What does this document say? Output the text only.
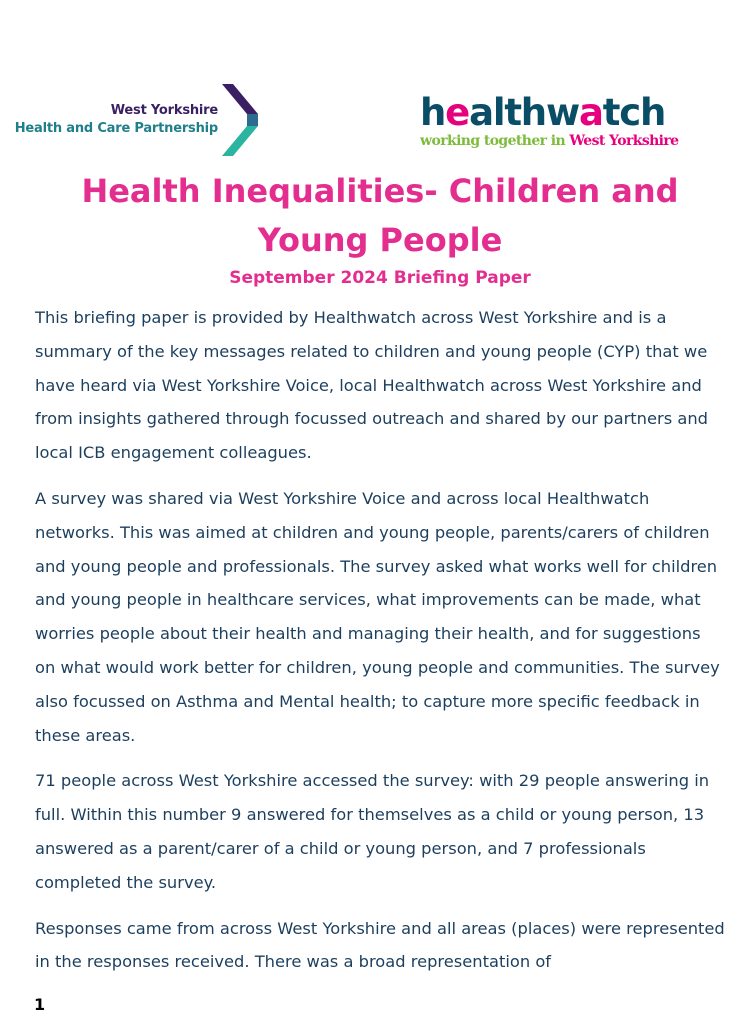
West Yorkshire
Health and Care Partnership	healthwatch
working together in West Yorkshire
Health Inequalities- Children and Young People
September 2024 Briefing Paper

This briefing paper is provided by Healthwatch across West Yorkshire and is a summary of the key messages related to children and young people (CYP) that we have heard via West Yorkshire Voice, local Healthwatch across West Yorkshire and from insights gathered through focussed outreach and shared by our partners and local ICB engagement colleagues.

A survey was shared via West Yorkshire Voice and across local Healthwatch networks. This was aimed at children and young people, parents/carers of children and young people and professionals. The survey asked what works well for children and young people in healthcare services, what improvements can be made, what worries people about their health and managing their health, and for suggestions on what would work better for children, young people and communities. The survey also focussed on Asthma and Mental health; to capture more specific feedback in these areas.

71 people across West Yorkshire accessed the survey: with 29 people answering in full. Within this number 9 answered for themselves as a child or young person, 13 answered as a parent/carer of a child or young person, and 7 professionals completed the survey.

Responses came from across West Yorkshire and all areas (places) were represented in the responses received. There was a broad representation of

1
